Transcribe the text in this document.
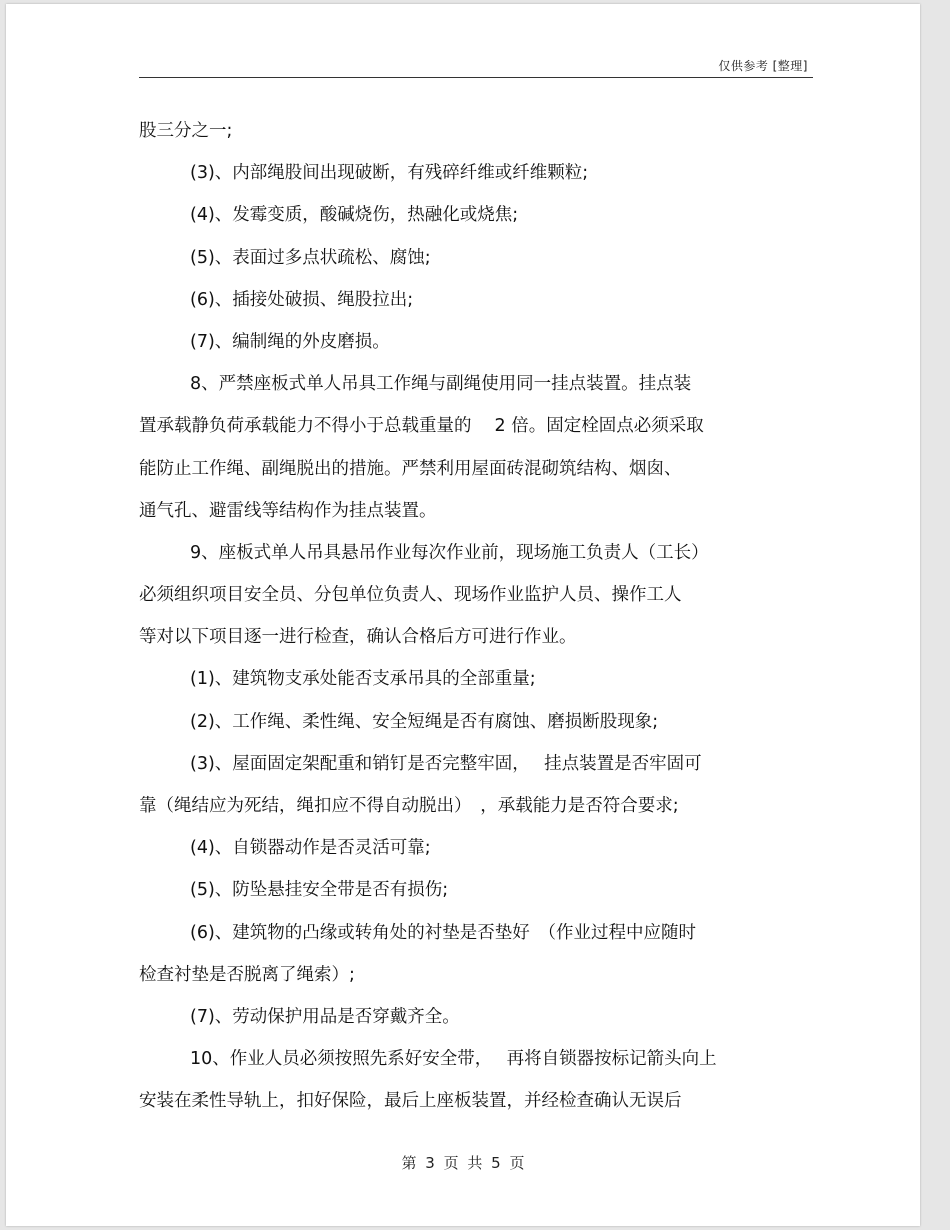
仅供参考 [整理]
股三分之一;
(3)、内部绳股间出现破断，有残碎纤维或纤维颗粒;
(4)、发霉变质，酸碱烧伤，热融化或烧焦;
(5)、表面过多点状疏松、腐蚀;
(6)、插接处破损、绳股拉出;
(7)、编制绳的外皮磨损。
8、严禁座板式单人吊具工作绳与副绳使用同一挂点装置。挂点装
置承载静负荷承载能力不得小于总载重量的　 2 倍。固定栓固点必须采取
能防止工作绳、副绳脱出的措施。严禁利用屋面砖混砌筑结构、烟囱、
通气孔、避雷线等结构作为挂点装置。
9、座板式单人吊具悬吊作业每次作业前，现场施工负责人（工长）
必须组织项目安全员、分包单位负责人、现场作业监护人员、操作工人
等对以下项目逐一进行检查，确认合格后方可进行作业。
(1)、建筑物支承处能否支承吊具的全部重量;
(2)、工作绳、柔性绳、安全短绳是否有腐蚀、磨损断股现象;
(3)、屋面固定架配重和销钉是否完整牢固，　 挂点装置是否牢固可
靠（绳结应为死结，绳扣应不得自动脱出）　，承载能力是否符合要求;
(4)、自锁器动作是否灵活可靠;
(5)、防坠悬挂安全带是否有损伤;
(6)、建筑物的凸缘或转角处的衬垫是否垫好　（作业过程中应随时
检查衬垫是否脱离了绳索）;
(7)、劳动保护用品是否穿戴齐全。
10、作业人员必须按照先系好安全带，　 再将自锁器按标记箭头向上
安装在柔性导轨上，扣好保险，最后上座板装置，并经检查确认无误后
第 3 页 共 5 页
